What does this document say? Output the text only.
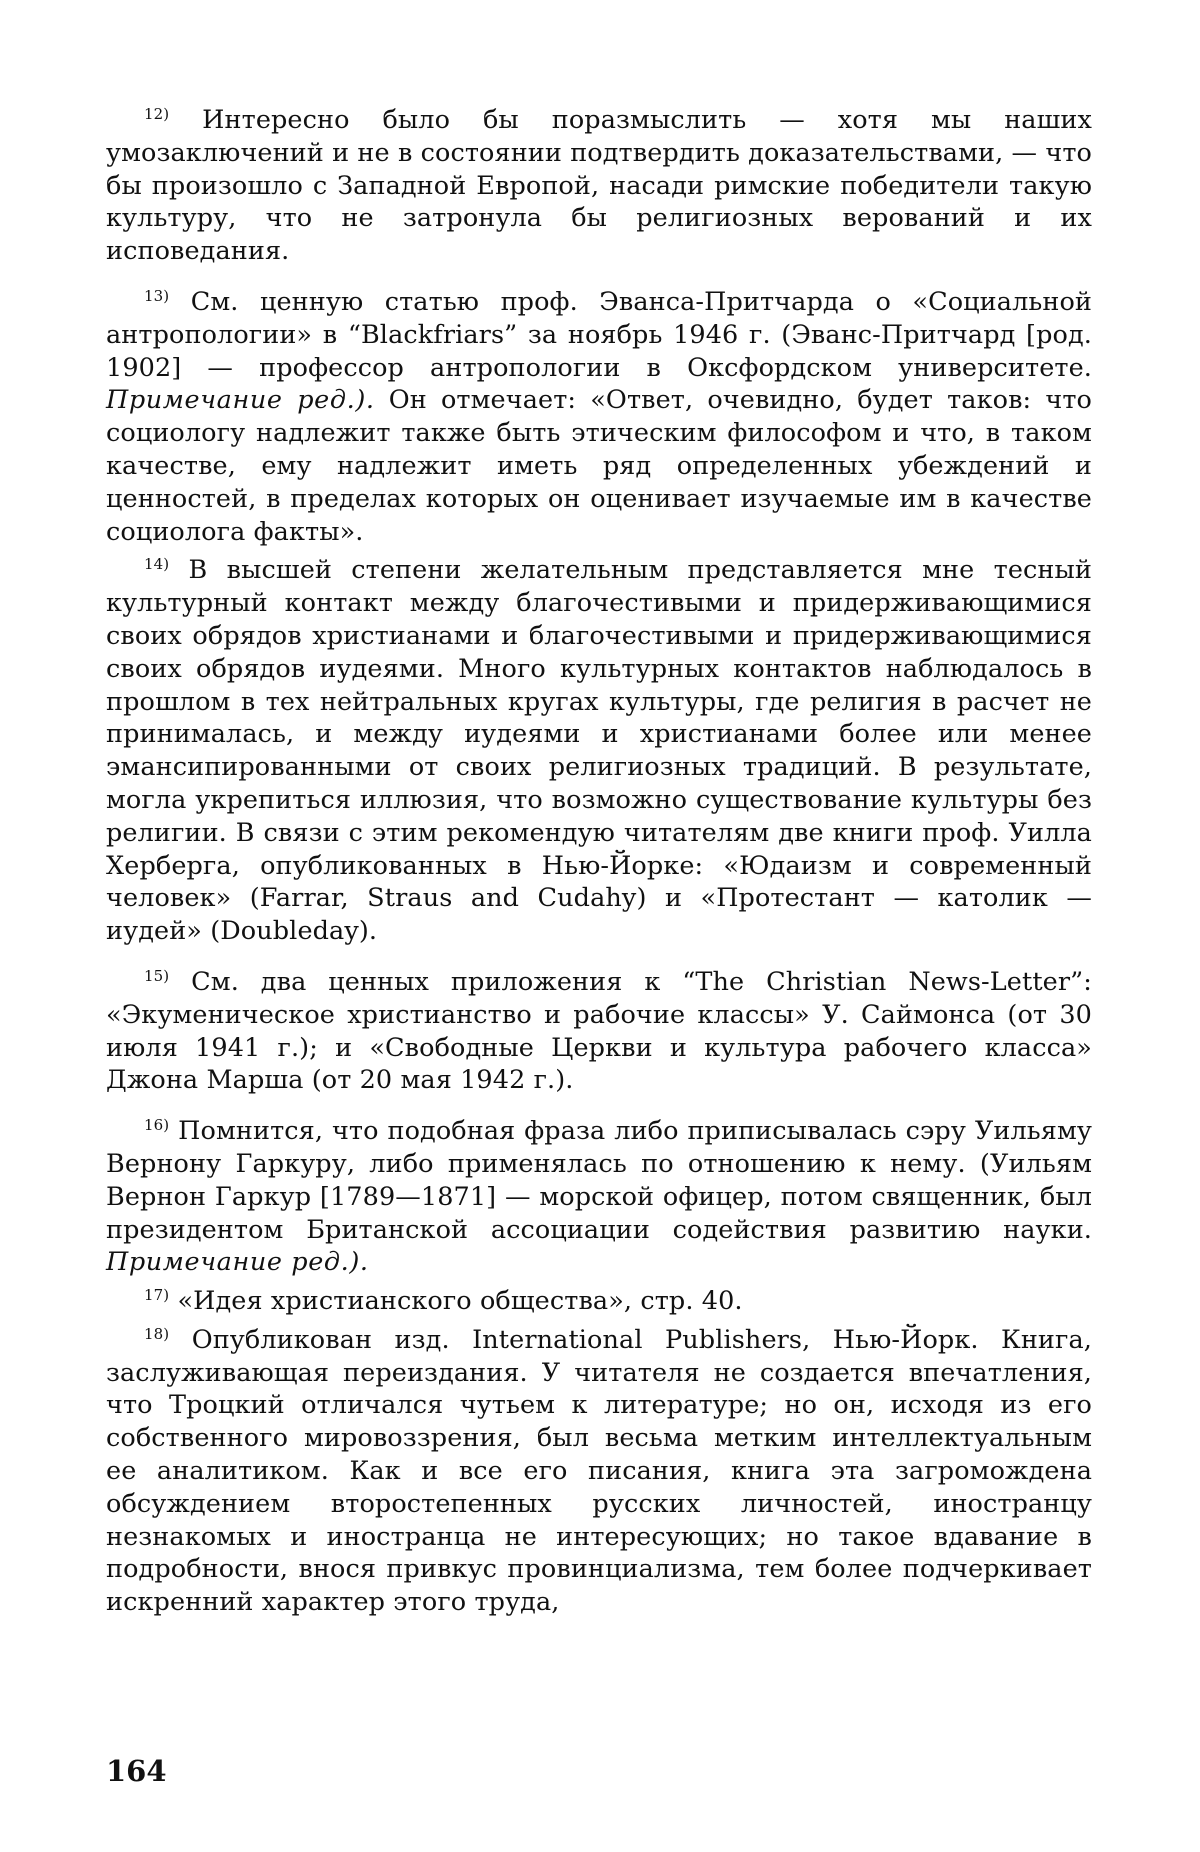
$^{12)}$ Интересно было бы поразмыслить — хотя мы наших умозаключений и не в состоянии подтвердить доказательствами, — что бы произошло с Западной Европой, насади римские победители такую культуру, что не затронула бы религиозных верований и их исповедания.

$^{13)}$ См. ценную статью проф. Эванса-Притчарда о «Социальной антропологии» в “Blackfriars” за ноябрь 1946 г. (Эванс-Притчард [род. 1902] — профессор антропологии в Оксфордском университете. Примечание ред.). Он отмечает: «Ответ, очевидно, будет таков: что социологу надлежит также быть этическим философом и что, в таком качестве, ему надлежит иметь ряд определенных убеждений и ценностей, в пределах которых он оценивает изучаемые им в качестве социолога факты».

$^{14)}$ В высшей степени желательным представляется мне тесный культурный контакт между благочестивыми и придерживающимися своих обрядов христианами и благочестивыми и придерживающимися своих обрядов иудеями. Много культурных контактов наблюдалось в прошлом в тех нейтральных кругах культуры, где религия в расчет не принималась, и между иудеями и христианами более или менее эмансипированными от своих религиозных традиций. В результате, могла укрепиться иллюзия, что возможно существование культуры без религии. В связи с этим рекомендую читателям две книги проф. Уилла Херберга, опубликованных в Нью-Йорке: «Юдаизм и современный человек» (Farrar, Straus and Cudahy) и «Протестант — католик — иудей» (Doubleday).

$^{15)}$ См. два ценных приложения к “The Christian News-Letter”: «Экуменическое христианство и рабочие классы» У. Саймонса (от 30 июля 1941 г.); и «Свободные Церкви и культура рабочего класса» Джона Марша (от 20 мая 1942 г.).

$^{16)}$ Помнится, что подобная фраза либо приписывалась сэру Уильяму Вернону Гаркуру, либо применялась по отношению к нему. (Уильям Вернон Гаркур [1789—1871] — морской офицер, потом священник, был президентом Британской ассоциации содействия развитию науки. Примечание ред.).

$^{17)}$ «Идея христианского общества», стр. 40.

$^{18)}$ Опубликован изд. International Publishers, Нью-Йорк. Книга, заслуживающая переиздания. У читателя не создается впечатления, что Троцкий отличался чутьем к литературе; но он, исходя из его собственного мировоззрения, был весьма метким интеллектуальным ее аналитиком. Как и все его писания, книга эта загромождена обсуждением второстепенных русских личностей, иностранцу незнакомых и иностранца не интересующих; но такое вдавание в подробности, внося привкус провинциализма, тем более подчеркивает искренний характер этого труда,

164
